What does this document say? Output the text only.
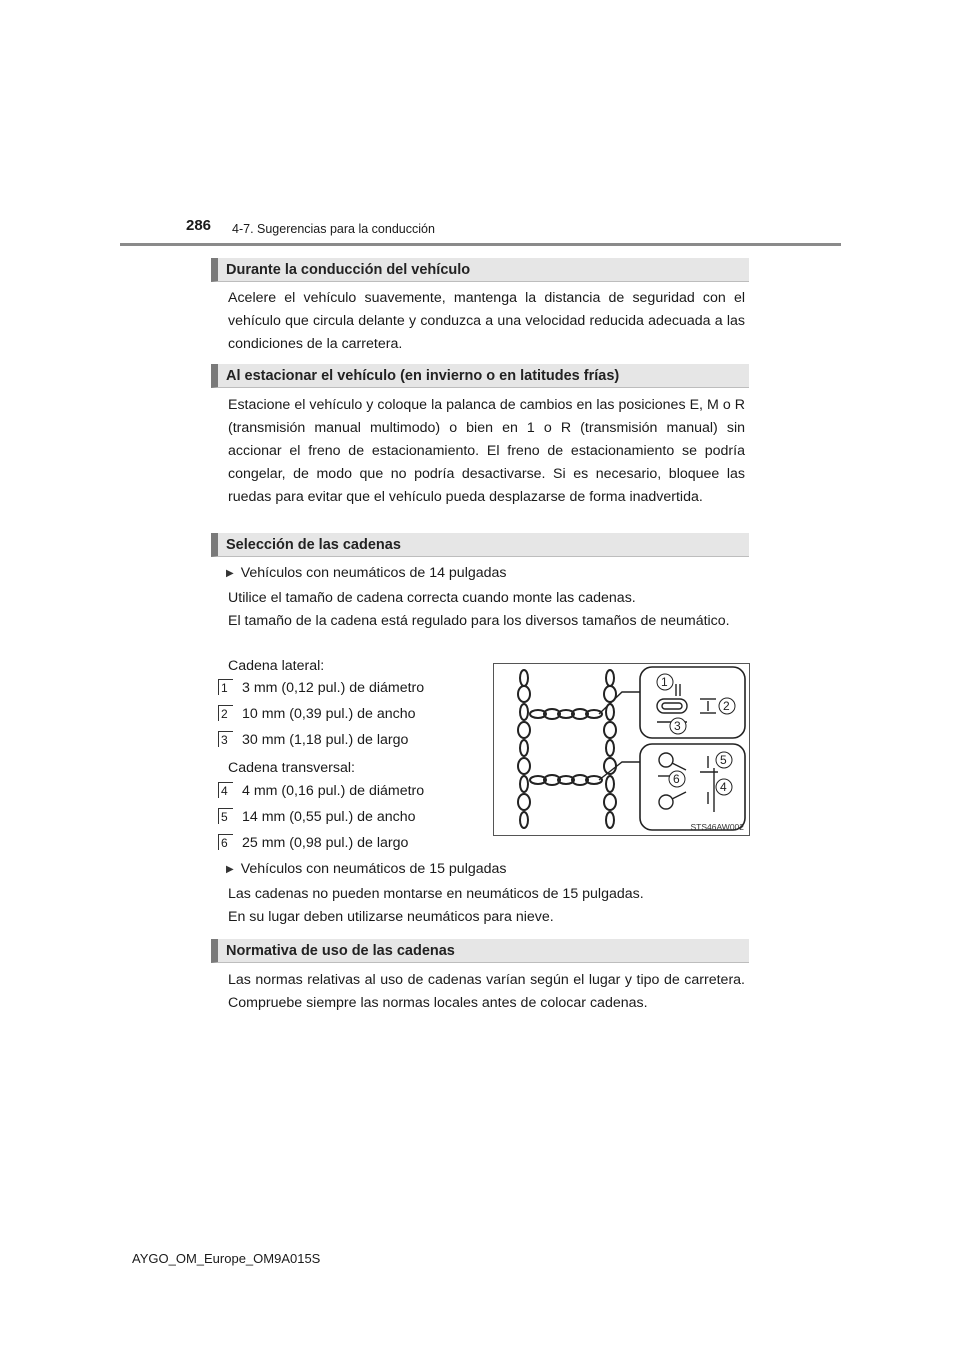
286 4-7. Sugerencias para la conducción
Durante la conducción del vehículo
Acelere el vehículo suavemente, mantenga la distancia de seguridad con el vehículo que circula delante y conduzca a una velocidad reducida adecuada a las condiciones de la carretera.
Al estacionar el vehículo (en invierno o en latitudes frías)
Estacione el vehículo y coloque la palanca de cambios en las posiciones E, M o R (transmisión manual multimodo) o bien en 1 o R (transmisión manual) sin accionar el freno de estacionamiento. El freno de estacionamiento se podría congelar, de modo que no podría desactivarse. Si es necesario, bloquee las ruedas para evitar que el vehículo pueda desplazarse de forma inadvertida.
Selección de las cadenas
▶ Vehículos con neumáticos de 14 pulgadas
Utilice el tamaño de cadena correcta cuando monte las cadenas.
El tamaño de la cadena está regulado para los diversos tamaños de neumático.
Cadena lateral:
1	3 mm (0,12 pul.) de diámetro
2	10 mm (0,39 pul.) de ancho
3	30 mm (1,18 pul.) de largo
Cadena transversal:
4	4 mm (0,16 pul.) de diámetro
5	14 mm (0,55 pul.) de ancho
6	25 mm (0,98 pul.) de largo
1
2
3
5
6
4
STS46AW002
▶ Vehículos con neumáticos de 15 pulgadas
Las cadenas no pueden montarse en neumáticos de 15 pulgadas.
En su lugar deben utilizarse neumáticos para nieve.
Normativa de uso de las cadenas
Las normas relativas al uso de cadenas varían según el lugar y tipo de carretera. Compruebe siempre las normas locales antes de colocar cadenas.
AYGO_OM_Europe_OM9A015S
